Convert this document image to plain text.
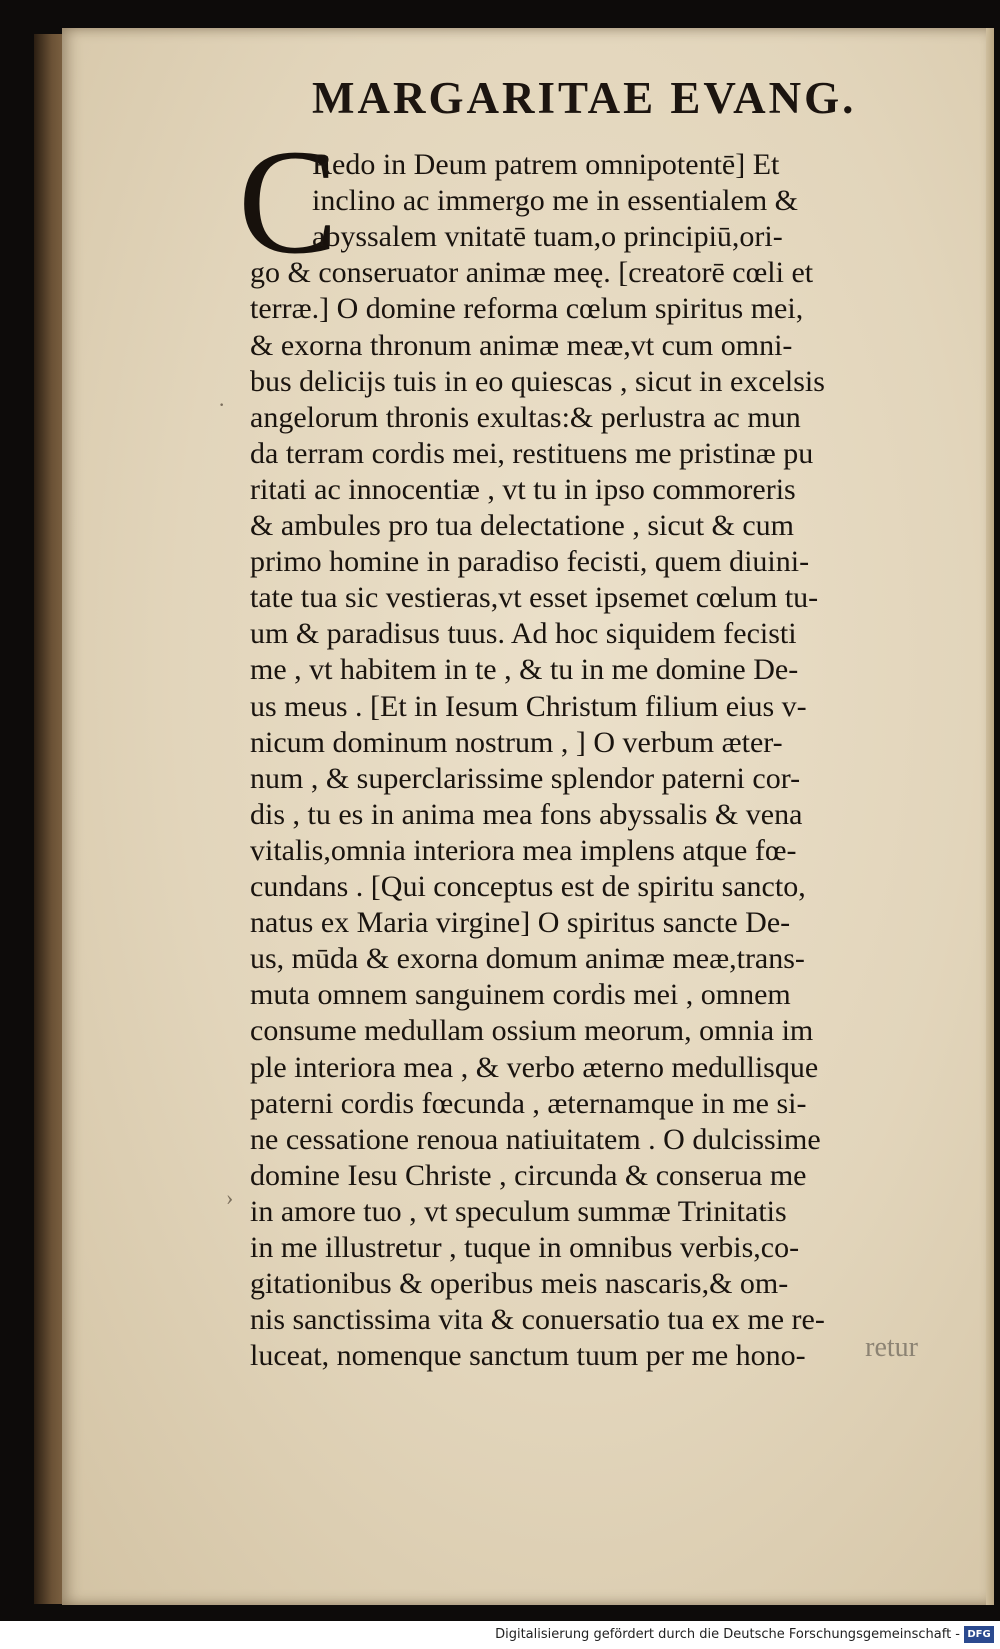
MARGARITAE EVANG.
C
Redo in Deum patrem omnipotentē] Et
inclino ac immergo me in essentialem &
abyssalem vnitatē tuam,o principiū,ori-
go & conseruator animæ meę. [creatorē cœli et
terræ.] O domine reforma cœlum spiritus mei,
& exorna thronum animæ meæ,vt cum omni-
bus delicijs tuis in eo quiescas , sicut in excelsis
angelorum thronis exultas:& perlustra ac mun
da terram cordis mei, restituens me pristinæ pu
ritati ac innocentiæ , vt tu in ipso commoreris
& ambules pro tua delectatione , sicut & cum
primo homine in paradiso fecisti, quem diuini-
tate tua sic vestieras,vt esset ipsemet cœlum tu-
um & paradisus tuus. Ad hoc siquidem fecisti
me , vt habitem in te , & tu in me domine De-
us meus . [Et in Iesum Christum filium eius v-
nicum dominum nostrum , ] O verbum æter-
num , & superclarissime splendor paterni cor-
dis , tu es in anima mea fons abyssalis & vena
vitalis,omnia interiora mea implens atque fœ-
cundans . [Qui conceptus est de spiritu sancto,
natus ex Maria virgine] O spiritus sancte De-
us, mūda & exorna domum animæ meæ,trans-
muta omnem sanguinem cordis mei , omnem
consume medullam ossium meorum, omnia im
ple interiora mea , & verbo æterno medullisque
paterni cordis fœcunda , æternamque in me si-
ne cessatione renoua natiuitatem . O dulcissime
domine Iesu Christe , circunda & conserua me
in amore tuo , vt speculum summæ Trinitatis
in me illustretur , tuque in omnibus verbis,co-
gitationibus & operibus meis nascaris,& om-
nis sanctissima vita & conuersatio tua ex me re-
luceat, nomenque sanctum tuum per me hono-	retur
·
›
Digitalisierung gefördert durch die Deutsche Forschungsgemeinschaft - DFG
